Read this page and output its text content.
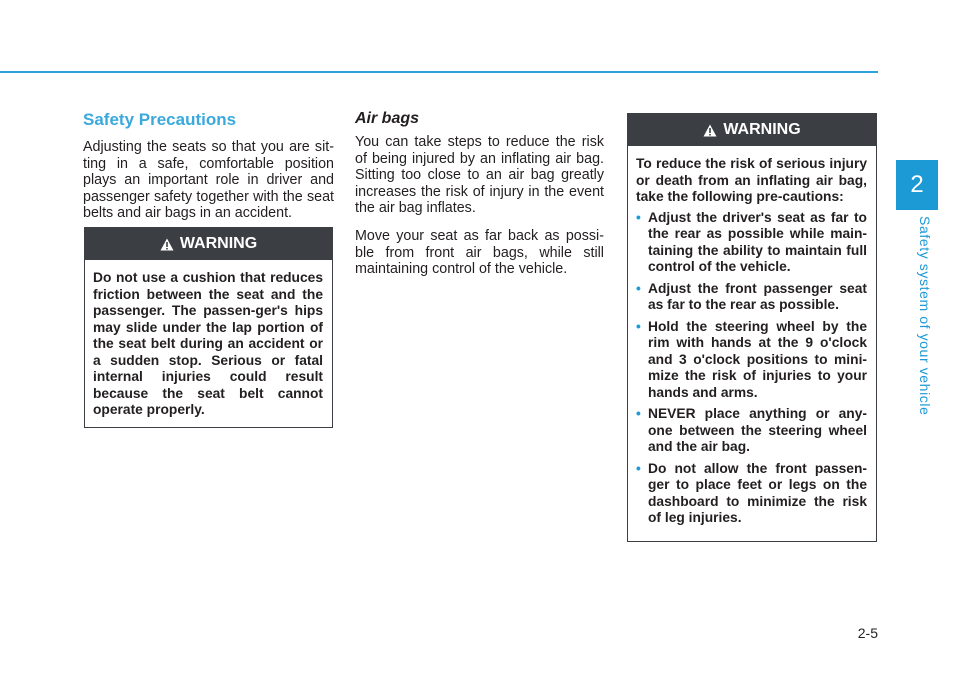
2
Safety system of your vehicle
Safety Precautions

Adjusting the seats so that you are sit-ting in a safe, comfortable position plays an important role in driver and passenger safety together with the seat belts and air bags in an accident.

WARNING
Do not use a cushion that reduces friction between the seat and the passenger. The passen-ger's hips may slide under the lap portion of the seat belt during an accident or a sudden stop. Serious or fatal internal injuries could result because the seat belt cannot operate properly.
Air bags

You can take steps to reduce the risk of being injured by an inflating air bag. Sitting too close to an air bag greatly increases the risk of injury in the event the air bag inflates.

Move your seat as far back as possi-ble from front air bags, while still maintaining control of the vehicle.

WARNING
To reduce the risk of serious injury or death from an inflating air bag, take the following pre-cautions:
• Adjust the driver's seat as far to the rear as possible while main-taining the ability to maintain full control of the vehicle.
• Adjust the front passenger seat as far to the rear as possible.
• Hold the steering wheel by the rim with hands at the 9 o'clock and 3 o'clock positions to mini-mize the risk of injuries to your hands and arms.
• NEVER place anything or any-one between the steering wheel and the air bag.
• Do not allow the front passen-ger to place feet or legs on the dashboard to minimize the risk of leg injuries.
2-5
